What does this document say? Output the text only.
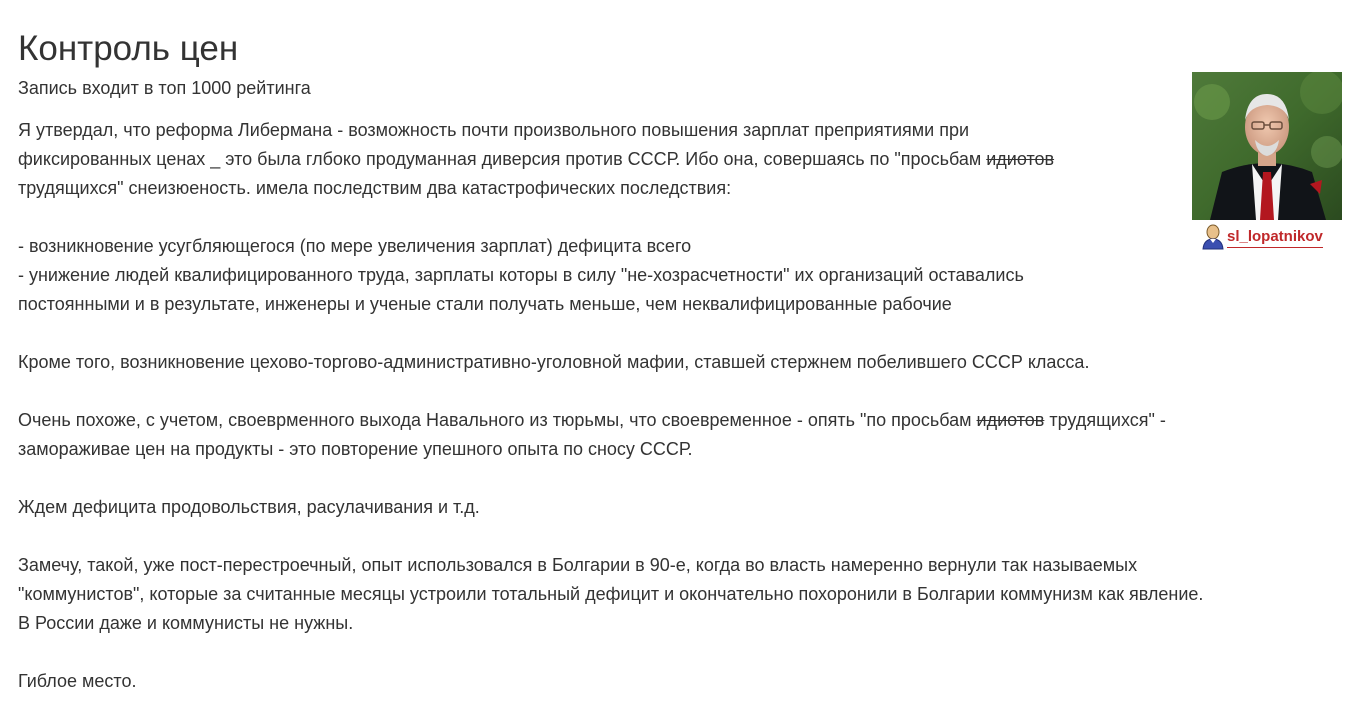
Контроль цен
Запись входит в топ 1000 рейтинга
sl_lopatnikov

Я утвердал, что реформа Либермана - возможность почти произвольного повышения зарплат преприятиями при

фиксированных ценах _ это была глбоко продуманная диверсия против СССР. Ибо она, совершаясь по "просьбам идиотов

трудящихся" снеизюеность. имела последствим два катастрофических последствия:

- возникновение усугбляющегося (по мере увеличения зарплат) дефицита всего

- унижение людей квалифицированного труда, зарплаты которы в силу "не-хозрасчетности" их организаций оставались

постоянными и в результате, инженеры и ученые стали получать меньше, чем неквалифицированные рабочие

Кроме того, возникновение цехово-торгово-административно-уголовной мафии, ставшей стержнем побелившего СССР класса.

Очень похоже, с учетом, своеврменного выхода Навального из тюрьмы, что своевременное - опять "по просьбам идиотов трудящихся" -

замораживае цен на продукты - это повторение упешного опыта по сносу СССР.

Ждем дефицита продовольствия, расулачивания и т.д.

Замечу, такой, уже пост-перестроечный, опыт использовался в Болгарии в 90-е, когда во власть намеренно вернули так называемых

"коммунистов", которые за считанные месяцы устроили тотальный дефицит и окончательно похоронили в Болгарии коммунизм как явление.

В России даже и коммунисты не нужны.

Гиблое место.
